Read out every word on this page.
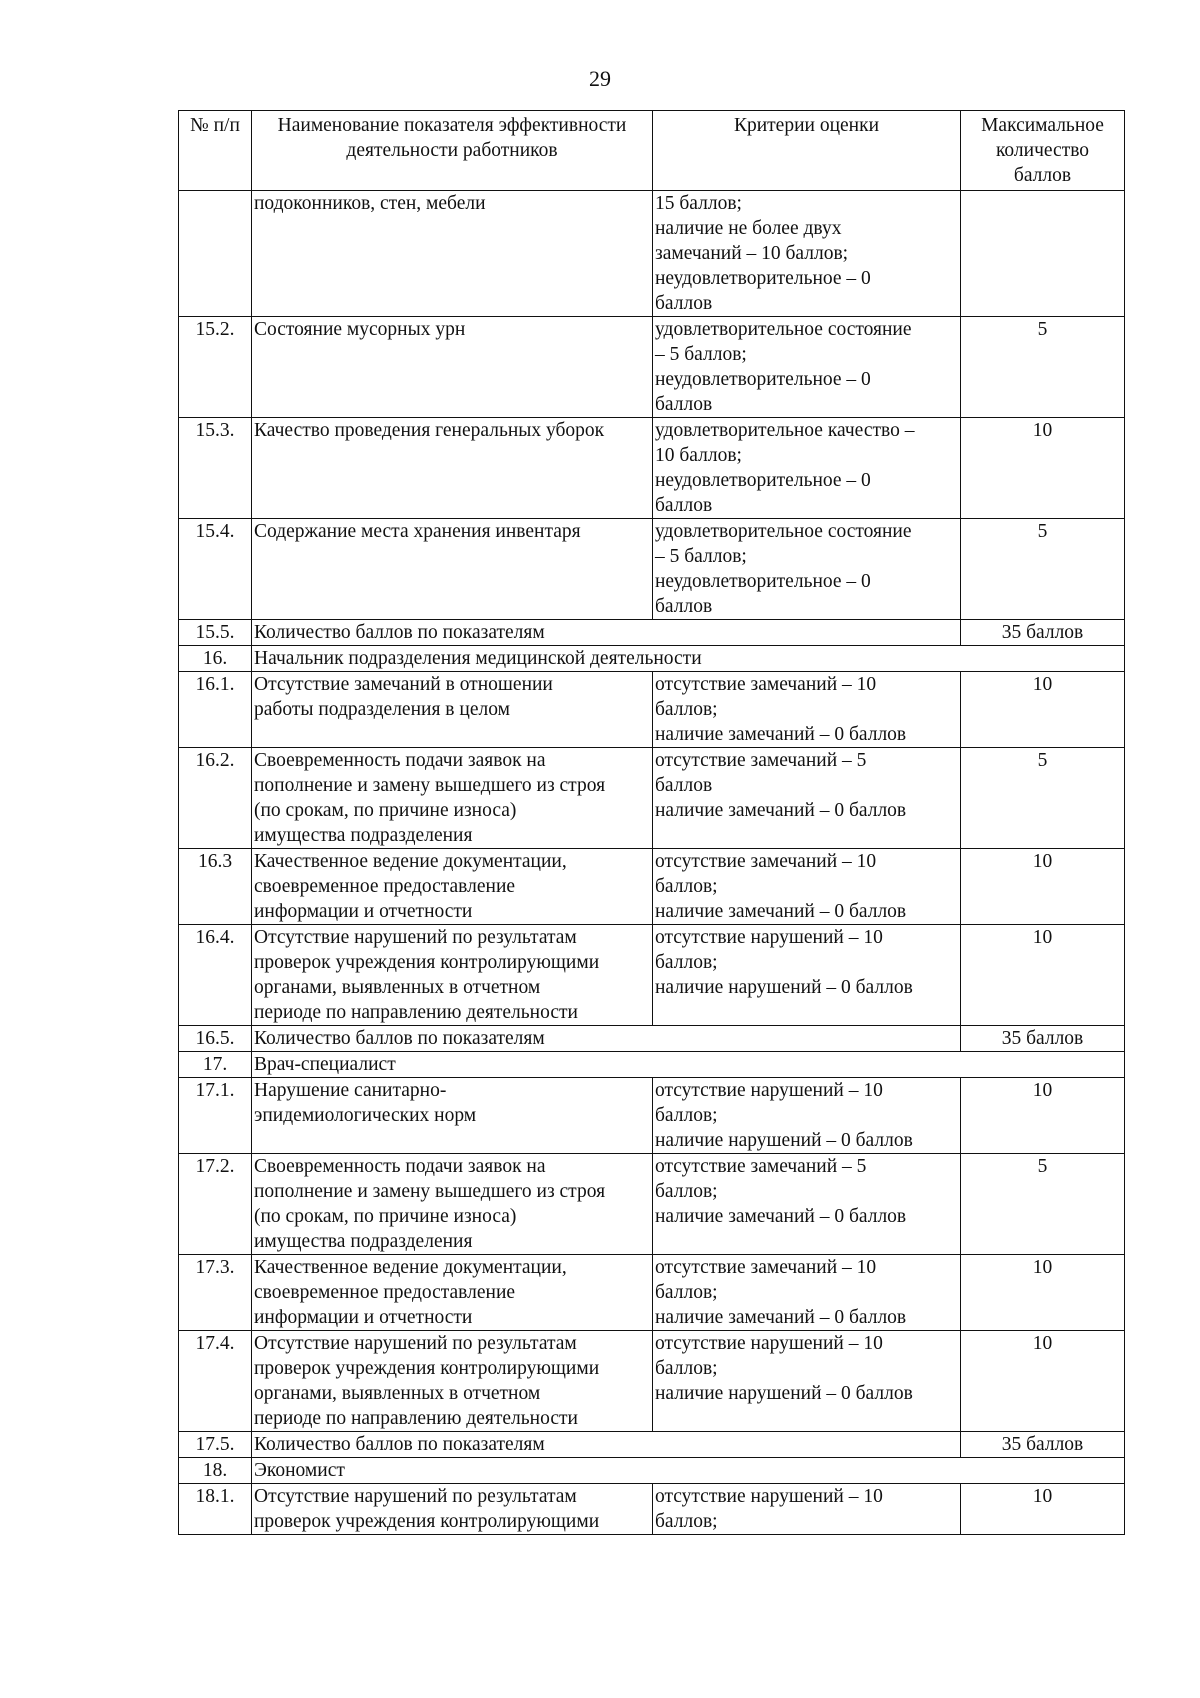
29
№ п/п	Наименование показателя эффективности
деятельности работников	Критерии оценки	Максимальное
количество
баллов

	подоконников, стен, мебели	15 баллов;
наличие не более двух
замечаний – 10 баллов;
неудовлетворительное – 0
баллов	

15.2.	Состояние мусорных урн	удовлетворительное состояние
– 5 баллов;
неудовлетворительное – 0
баллов	5
15.3.	Качество проведения генеральных уборок	удовлетворительное качество –
10 баллов;
неудовлетворительное – 0
баллов	10
15.4.	Содержание места хранения инвентаря	удовлетворительное состояние
– 5 баллов;
неудовлетворительное – 0
баллов	5
15.5.	Количество баллов по показателям		35 баллов
16.	Начальник подразделения медицинской деятельности		
16.1.	Отсутствие замечаний в отношении
работы подразделения в целом	отсутствие замечаний – 10
баллов;
наличие замечаний – 0 баллов	10
16.2.	Своевременность подачи заявок на
пополнение и замену вышедшего из строя
(по срокам, по причине износа)
имущества подразделения	отсутствие замечаний – 5
баллов
наличие замечаний – 0 баллов	5
16.3	Качественное ведение документации,
своевременное предоставление
информации и отчетности	отсутствие замечаний – 10
баллов;
наличие замечаний – 0 баллов	10
16.4.	Отсутствие нарушений по результатам
проверок учреждения контролирующими
органами, выявленных в отчетном
периоде по направлению деятельности	отсутствие нарушений – 10
баллов;
наличие нарушений – 0 баллов	10
16.5.	Количество баллов по показателям		35 баллов
17.	Врач-специалист		
17.1.	Нарушение санитарно-
эпидемиологических норм	отсутствие нарушений – 10
баллов;
наличие нарушений – 0 баллов	10
17.2.	Своевременность подачи заявок на
пополнение и замену вышедшего из строя
(по срокам, по причине износа)
имущества подразделения	отсутствие замечаний – 5
баллов;
наличие замечаний – 0 баллов	5
17.3.	Качественное ведение документации,
своевременное предоставление
информации и отчетности	отсутствие замечаний – 10
баллов;
наличие замечаний – 0 баллов	10
17.4.	Отсутствие нарушений по результатам
проверок учреждения контролирующими
органами, выявленных в отчетном
периоде по направлению деятельности	отсутствие нарушений – 10
баллов;
наличие нарушений – 0 баллов	10
17.5.	Количество баллов по показателям		35 баллов
18.	Экономист		
18.1.	Отсутствие нарушений по результатам
проверок учреждения контролирующими	отсутствие нарушений – 10
баллов;	10
